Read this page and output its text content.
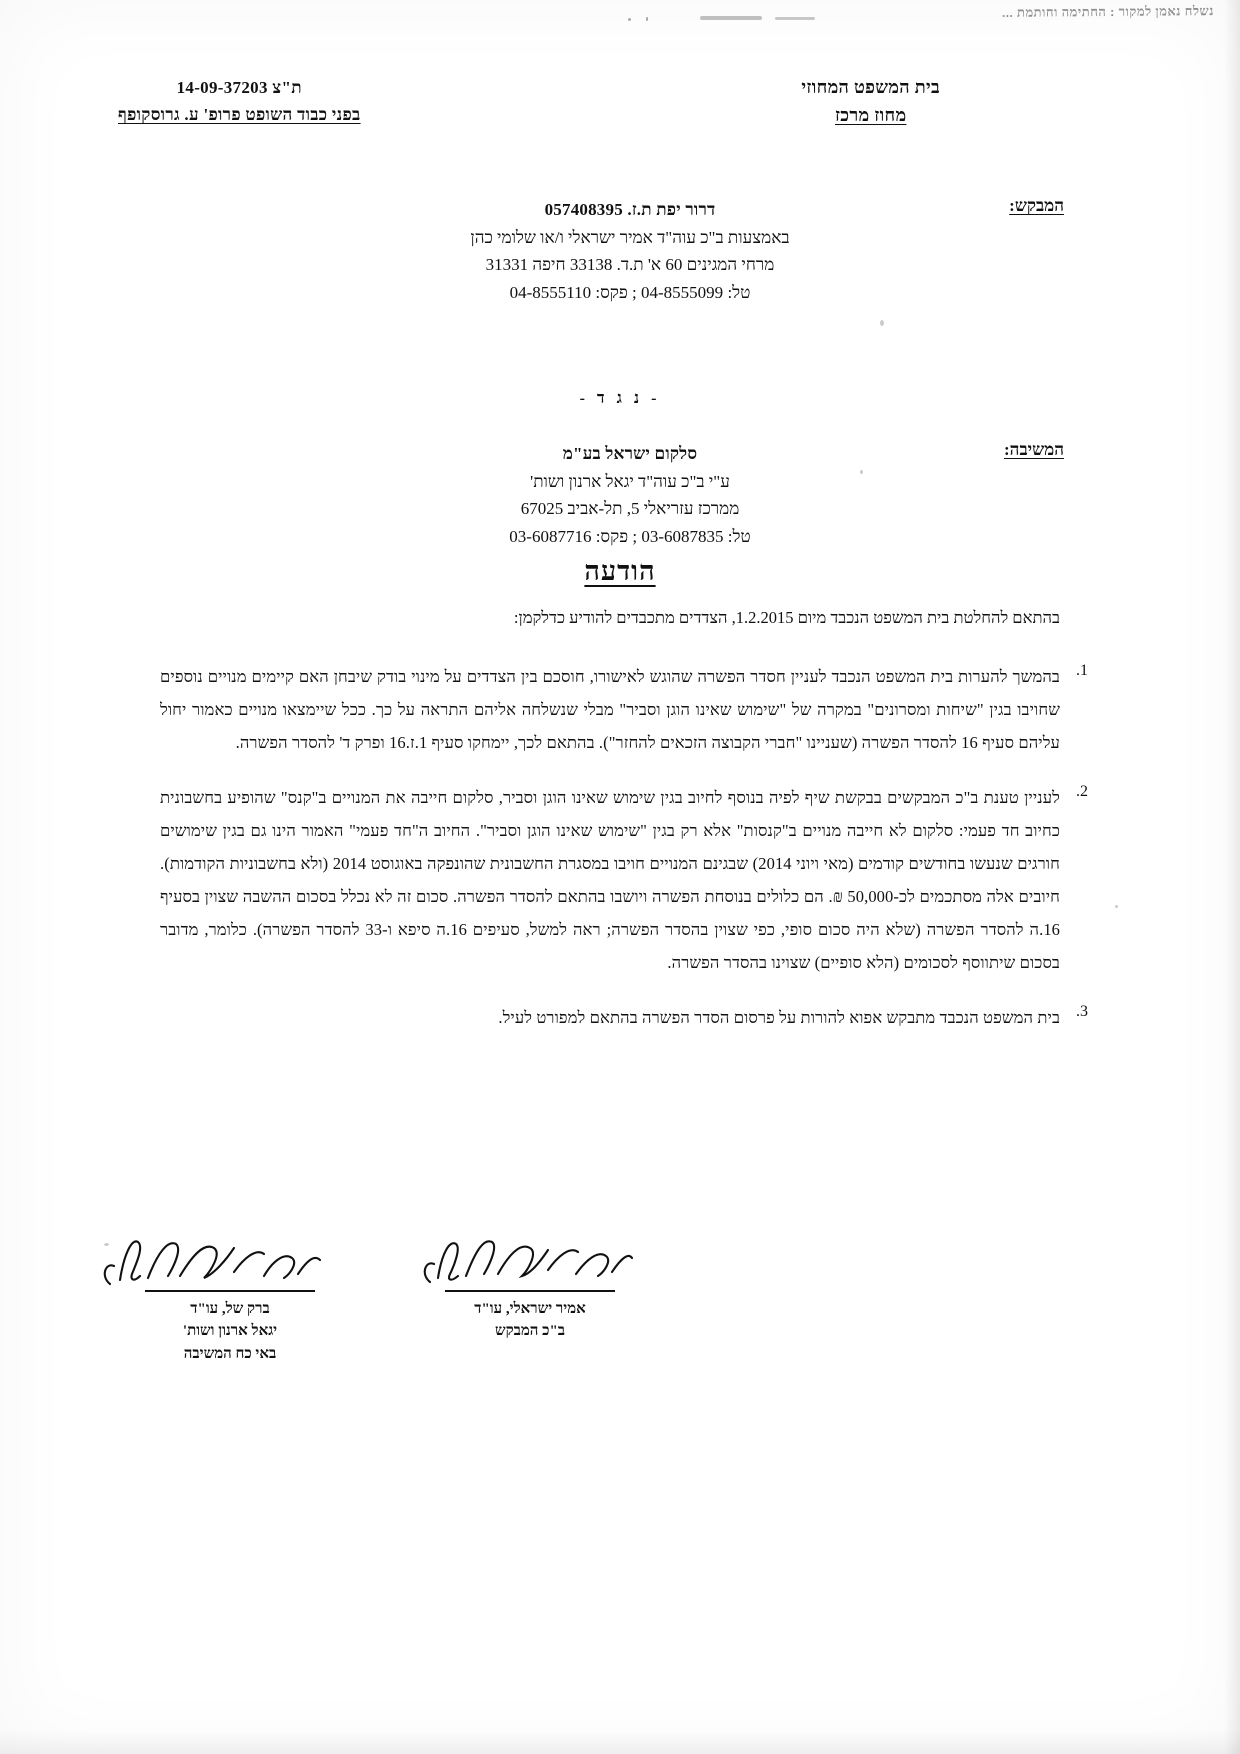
נשלח נאמן למקור : החתימה וחותמת ...
בית המשפט המחוזי
מחוז מרכז
ת"צ 14-09-37203
בפני כבוד השופט פרופ' ע. גרוסקופף
המבקש:
דרור יפת ת.ז. 057408395
באמצעות ב"כ עוה"ד אמיר ישראלי ו/או שלומי כהן
מרחי המגינים 60 א' ת.ד. 33138 חיפה 31331
טל: 04-8555099 ; פקס: 04-8555110
- נ ג ד -
המשיבה:
סלקום ישראל בע"מ
ע"י ב"כ עוה"ד יגאל ארנון ושות'
ממרכז עזריאלי 5, תל-אביב 67025
טל: 03-6087835 ; פקס: 03-6087716
הודעה
בהתאם להחלטת בית המשפט הנכבד מיום 1.2.2015, הצדדים מתכבדים להודיע כדלקמן:
1.
בהמשך להערות בית המשפט הנכבד לעניין חסדר הפשרה שהוגש לאישורו, חוסכם בין הצדדים על מינוי בודק שיבחן האם קיימים מנויים נוספים שחויבו בגין "שיחות ומסרונים" במקרה של "שימוש שאינו הוגן וסביר" מבלי שנשלחה אליהם התראה על כך. ככל שיימצאו מנויים כאמור יחול עליהם סעיף 16 להסדר הפשרה (שעניינו "חברי הקבוצה הזכאים להחזר"). בהתאם לכך, יימחקו סעיף 1.ז.16 ופרק ד' להסדר הפשרה.
2.
לעניין טענת ב"כ המבקשים בבקשת שיף לפיה בנוסף לחיוב בגין שימוש שאינו הוגן וסביר, סלקום חייבה את המנויים ב"קנס" שהופיע בחשבונית כחיוב חד פעמי: סלקום לא חייבה מנויים ב"קנסות" אלא רק בגין "שימוש שאינו הוגן וסביר". החיוב ה"חד פעמי" האמור הינו גם בגין שימושים חורגים שנעשו בחודשים קודמים (מאי ויוני 2014) שבגינם המנויים חויבו במסגרת החשבונית שהונפקה באוגוסט 2014 (ולא בחשבוניות הקודמות). חיובים אלה מסתכמים לכ-50,000 ₪. הם כלולים בנוסחת הפשרה ויושבו בהתאם להסדר הפשרה. סכום זה לא נכלל בסכום ההשבה שצוין בסעיף 16.ה להסדר הפשרה (שלא היה סכום סופי, כפי שצוין בהסדר הפשרה; ראה למשל, סעיפים 16.ה סיפא ו-33 להסדר הפשרה). כלומר, מדובר בסכום שיתווסף לסכומים (הלא סופיים) שצוינו בהסדר הפשרה.
3.
בית המשפט הנכבד מתבקש אפוא להורות על פרסום הסדר הפשרה בהתאם למפורט לעיל.
אמיר ישראלי, עו"ד
ב"כ המבקש
ברק של, עו"ד
יגאל ארנון ושות'
באי כח המשיבה
